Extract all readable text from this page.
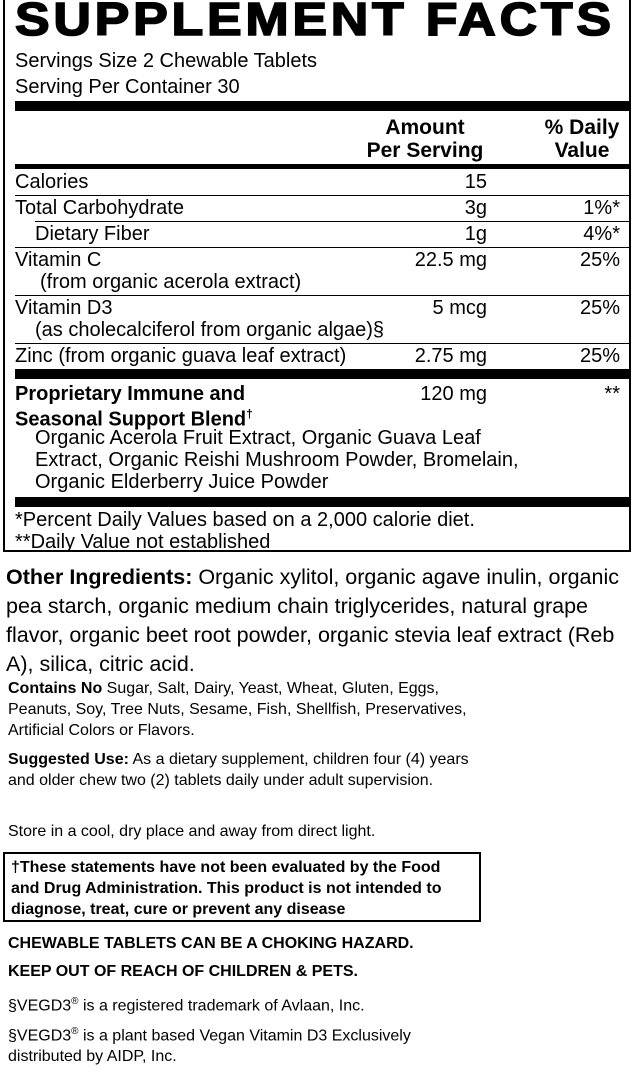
SUPPLEMENT FACTS
Servings Size 2 Chewable Tablets
Serving Per Container 30
Amount
Per Serving
% Daily
Value
Calories	15
Total Carbohydrate	3g	1%*
Dietary Fiber	1g	4%*
Vitamin C
(from organic acerola extract)
22.5 mg	25%
Vitamin D3
(as cholecalciferol from organic algae)§
5 mcg	25%
Zinc (from organic guava leaf extract)	2.75 mg	25%
Proprietary Immune and
Seasonal Support Blend†
120 mg	**
Organic Acerola Fruit Extract, Organic Guava Leaf
Extract, Organic Reishi Mushroom Powder, Bromelain,
Organic Elderberry Juice Powder
*Percent Daily Values based on a 2,000 calorie diet.
**Daily Value not established
Other Ingredients: Organic xylitol, organic agave inulin, organic pea starch, organic medium chain triglycerides, natural grape flavor, organic beet root powder, organic stevia leaf extract (Reb A), silica, citric acid.
Contains No Sugar, Salt, Dairy, Yeast, Wheat, Gluten, Eggs, Peanuts, Soy, Tree Nuts, Sesame, Fish, Shellfish, Preservatives, Artificial Colors or Flavors.
Suggested Use: As a dietary supplement, children four (4) years and older chew two (2) tablets daily under adult supervision.
Store in a cool, dry place and away from direct light.
†These statements have not been evaluated by the Food and Drug Administration. This product is not intended to diagnose, treat, cure or prevent any disease
CHEWABLE TABLETS CAN BE A CHOKING HAZARD.
KEEP OUT OF REACH OF CHILDREN & PETS.
§VEGD3® is a registered trademark of Avlaan, Inc.
§VEGD3® is a plant based Vegan Vitamin D3 Exclusively distributed by AIDP, Inc.
